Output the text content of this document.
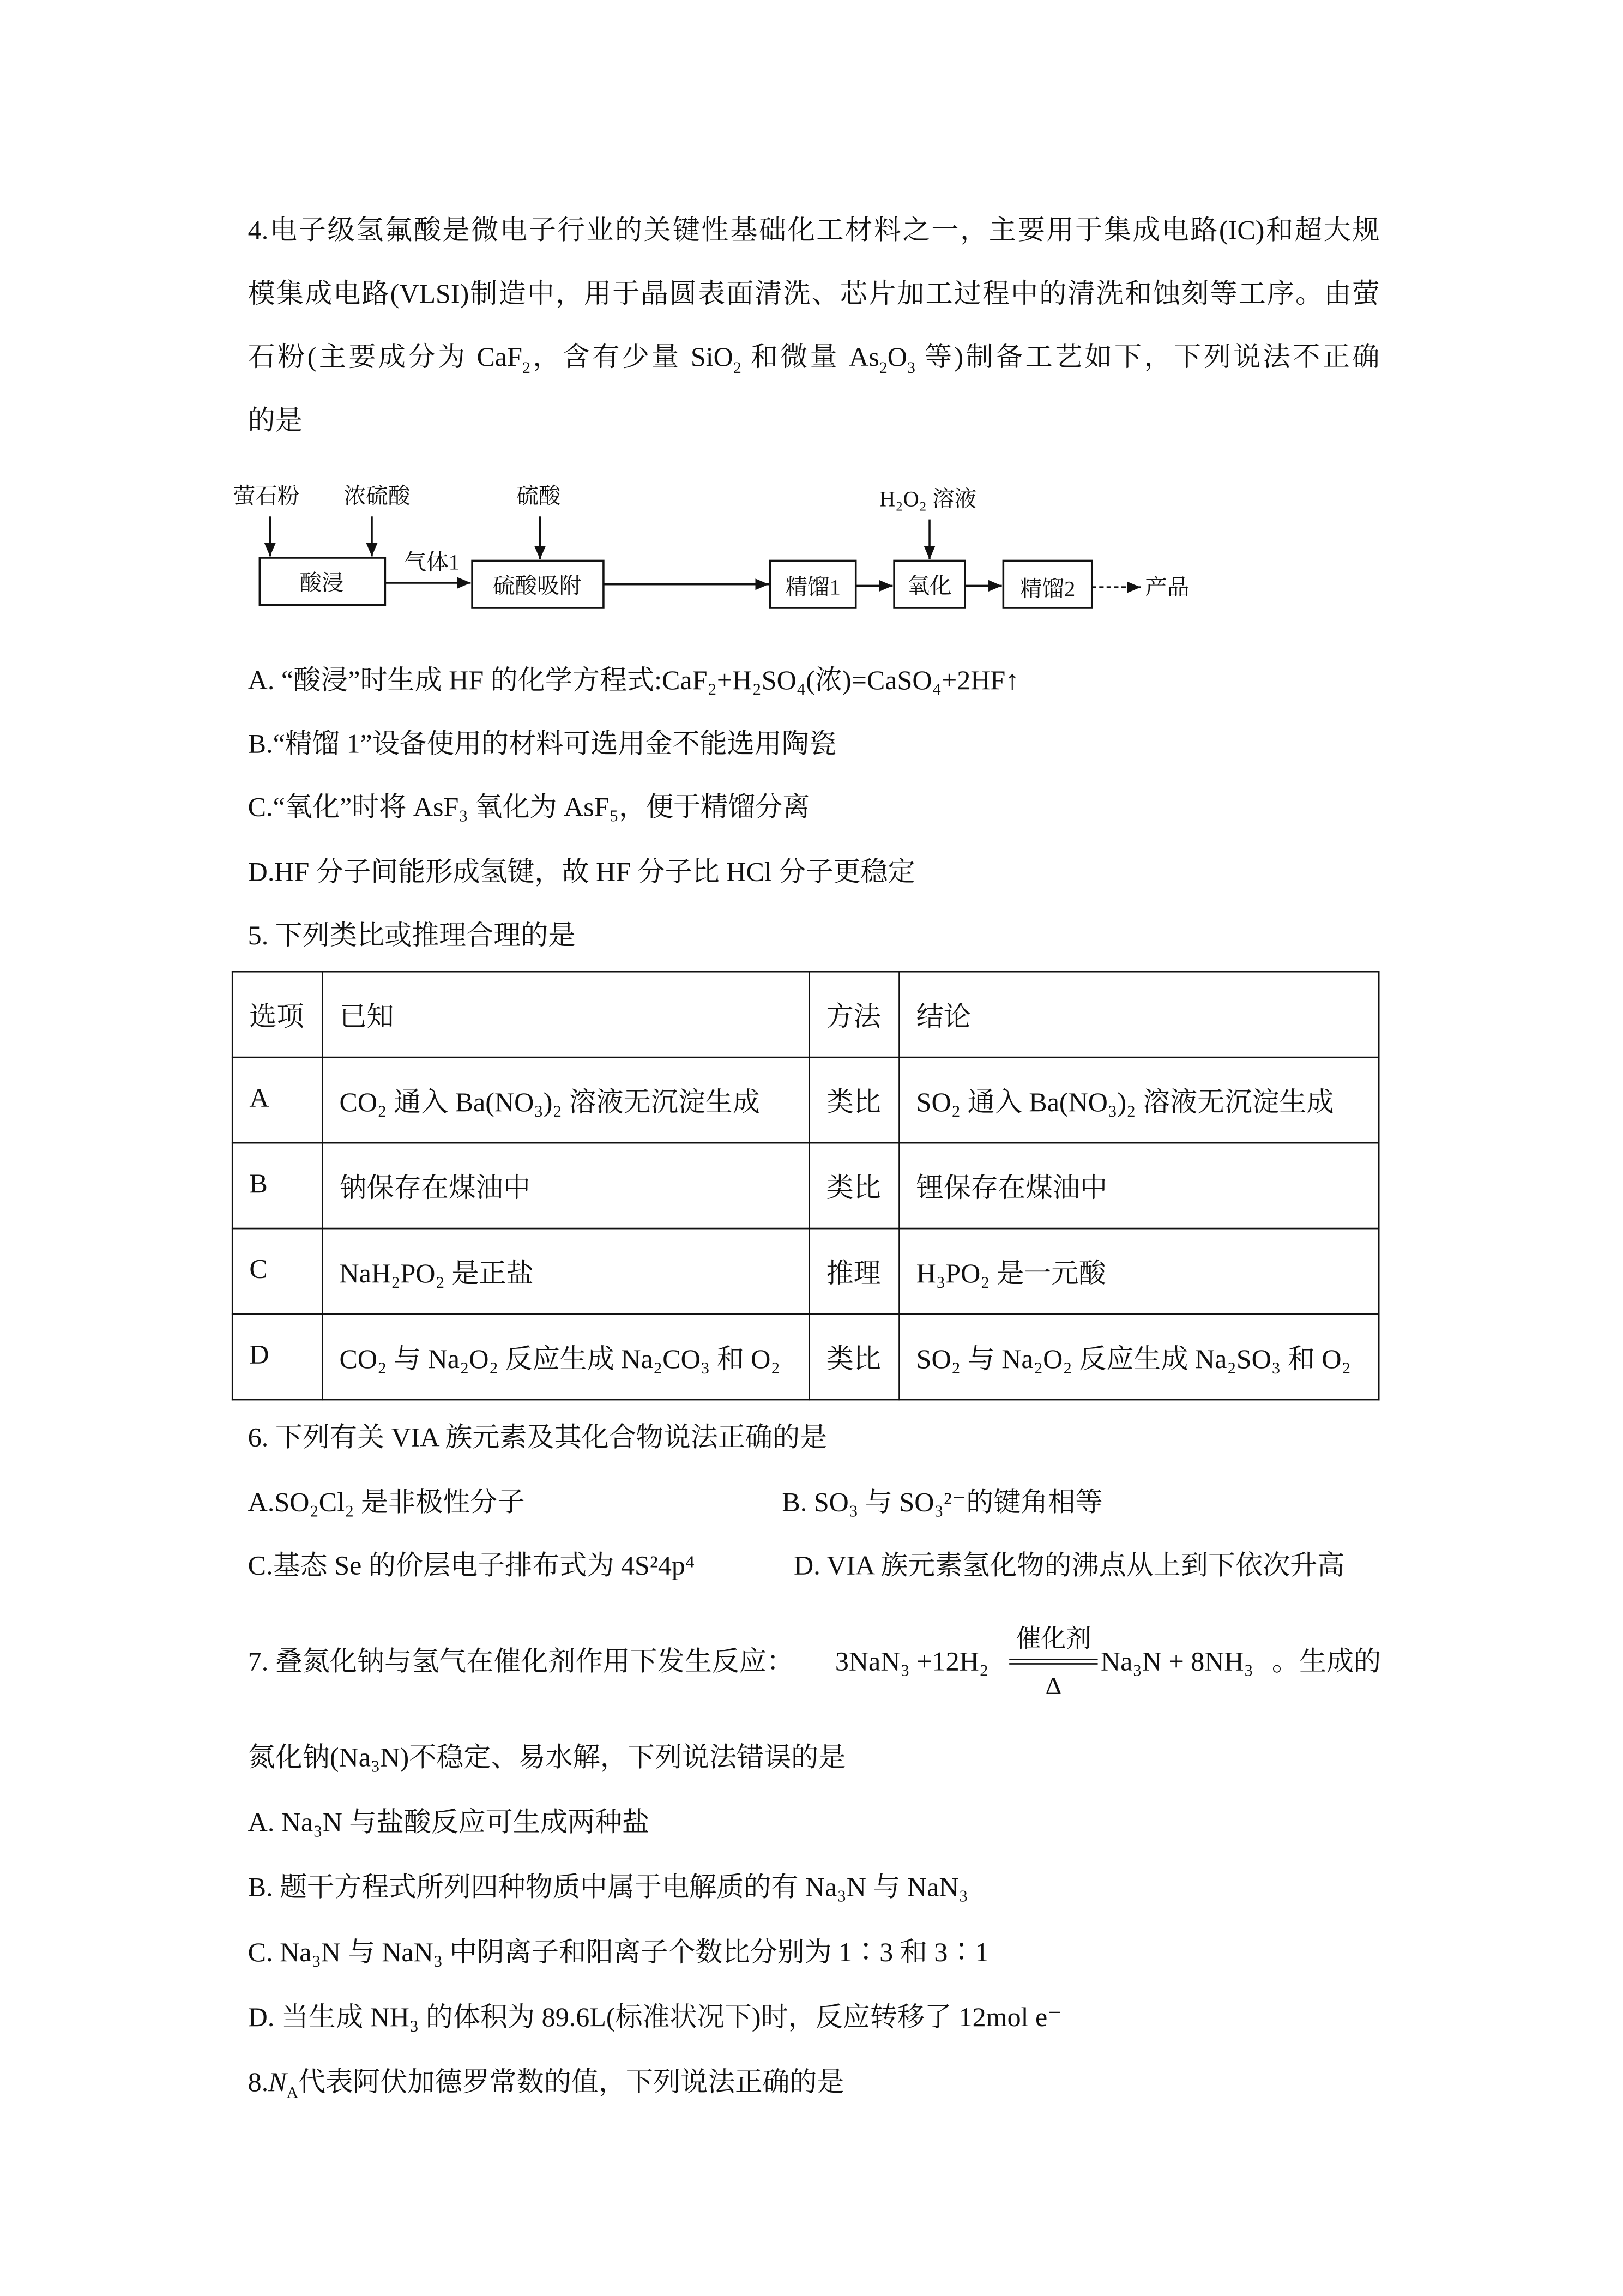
4.电子级氢氟酸是微电子行业的关键性基础化工材料之一，主要用于集成电路(IC)和超大规
模集成电路(VLSI)制造中，用于晶圆表面清洗、芯片加工过程中的清洗和蚀刻等工序。由萤
石粉(主要成分为 CaF$_2$，含有少量 SiO$_2$ 和微量 $As_2O_3$ 等)制备工艺如下，下列说法不正确
的是
萤石粉	浓硫酸	硫酸	H₂O₂ 溶液
气体1
酸浸	硫酸吸附	精馏1	氧化	精馏2	产品
A. “酸浸”时生成 HF 的化学方程式:CaF₂+H₂SO₄(浓)=CaSO₄+2HF↑
B.“精馏 1”设备使用的材料可选用金不能选用陶瓷
C.“氧化”时将 AsF₃ 氧化为 AsF₅，便于精馏分离
D.HF 分子间能形成氢键，故 HF 分子比 HCl 分子更稳定
5. 下列类比或推理合理的是
选项	已知	方法	结论
A	CO₂ 通入 Ba(NO₃)₂ 溶液无沉淀生成	类比	SO₂ 通入 Ba(NO₃)₂ 溶液无沉淀生成
B	钠保存在煤油中	类比	锂保存在煤油中
C	NaH₂PO₂ 是正盐	推理	H₃PO₂ 是一元酸
D	CO₂ 与 Na₂O₂ 反应生成 Na₂CO₃ 和 O₂	类比	SO₂ 与 Na₂O₂ 反应生成 Na₂SO₃ 和 O₂
6. 下列有关 VIA 族元素及其化合物说法正确的是
A.SO₂Cl₂ 是非极性分子	B. SO₃ 与 SO₃²⁻的键角相等
C.基态 Se 的价层电子排布式为 4S²4p⁴	D. VIA 族元素氢化物的沸点从上到下依次升高
7. 叠氮化钠与氢气在催化剂作用下发生反应：	3NaN₃ +12H₂
催化剂
Δ
Na₃N + 8NH₃ 。生成的
氮化钠(Na₃N)不稳定、易水解，下列说法错误的是
A. Na₃N 与盐酸反应可生成两种盐
B. 题干方程式所列四种物质中属于电解质的有 Na₃N 与 NaN₃
C. Na₃N 与 NaN₃ 中阴离子和阳离子个数比分别为 1∶3 和 3∶1
D. 当生成 NH₃ 的体积为 89.6L(标准状况下)时，反应转移了 12mol e⁻
$8.N_A$代表阿伏加德罗常数的值，下列说法正确的是
